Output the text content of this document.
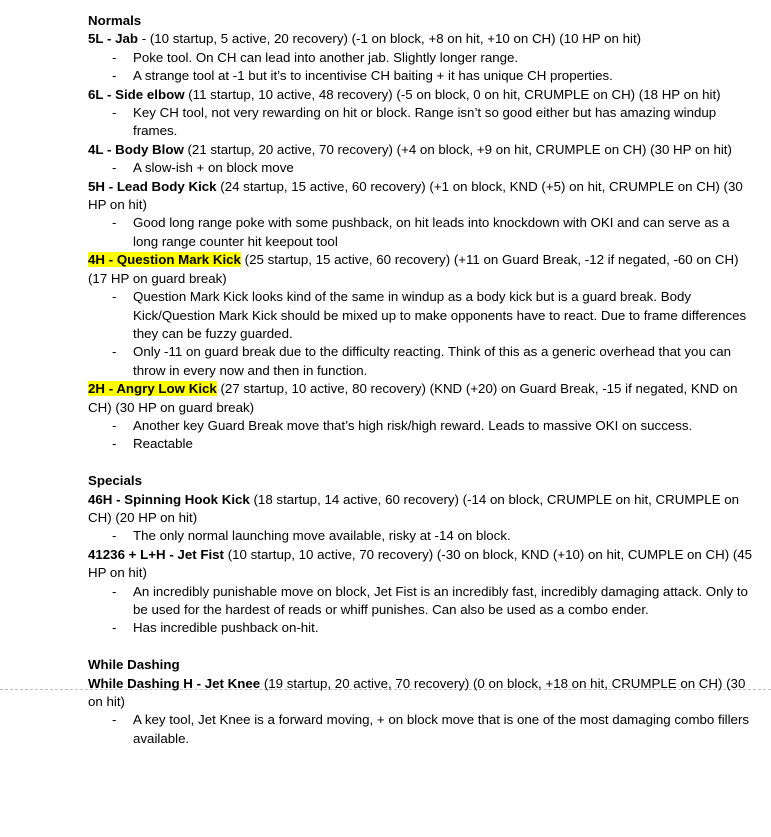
Normals
5L - Jab - (10 startup, 5 active, 20 recovery) (-1 on block, +8 on hit, +10 on CH) (10 HP on hit)
- Poke tool. On CH can lead into another jab. Slightly longer range.
- A strange tool at -1 but it’s to incentivise CH baiting + it has unique CH properties.
6L - Side elbow (11 startup, 10 active, 48 recovery) (-5 on block, 0 on hit, CRUMPLE on CH) (18 HP on hit)
- Key CH tool, not very rewarding on hit or block. Range isn’t so good either but has amazing windup frames.
4L - Body Blow (21 startup, 20 active, 70 recovery) (+4 on block, +9 on hit, CRUMPLE on CH) (30 HP on hit)
- A slow-ish + on block move
5H - Lead Body Kick (24 startup, 15 active, 60 recovery) (+1 on block, KND (+5) on hit, CRUMPLE on CH) (30 HP on hit)
- Good long range poke with some pushback, on hit leads into knockdown with OKI and can serve as a long range counter hit keepout tool
4H - Question Mark Kick (25 startup, 15 active, 60 recovery) (+11 on Guard Break, -12 if negated, -60 on CH) (17 HP on guard break)
- Question Mark Kick looks kind of the same in windup as a body kick but is a guard break. Body Kick/Question Mark Kick should be mixed up to make opponents have to react. Due to frame differences they can be fuzzy guarded.
- Only -11 on guard break due to the difficulty reacting. Think of this as a generic overhead that you can throw in every now and then in function.
2H - Angry Low Kick (27 startup, 10 active, 80 recovery) (KND (+20) on Guard Break, -15 if negated, KND on CH) (30 HP on guard break)
- Another key Guard Break move that’s high risk/high reward. Leads to massive OKI on success.
- Reactable
Specials
46H - Spinning Hook Kick (18 startup, 14 active, 60 recovery) (-14 on block, CRUMPLE on hit, CRUMPLE on CH) (20 HP on hit)
- The only normal launching move available, risky at -14 on block.
41236 + L+H - Jet Fist (10 startup, 10 active, 70 recovery) (-30 on block, KND (+10) on hit, CUMPLE on CH) (45 HP on hit)
- An incredibly punishable move on block, Jet Fist is an incredibly fast, incredibly damaging attack. Only to be used for the hardest of reads or whiff punishes. Can also be used as a combo ender.
- Has incredible pushback on-hit.
While Dashing
While Dashing H - Jet Knee (19 startup, 20 active, 70 recovery) (0 on block, +18 on hit, CRUMPLE on CH) (30 on hit)
- A key tool, Jet Knee is a forward moving, + on block move that is one of the most damaging combo fillers available.
